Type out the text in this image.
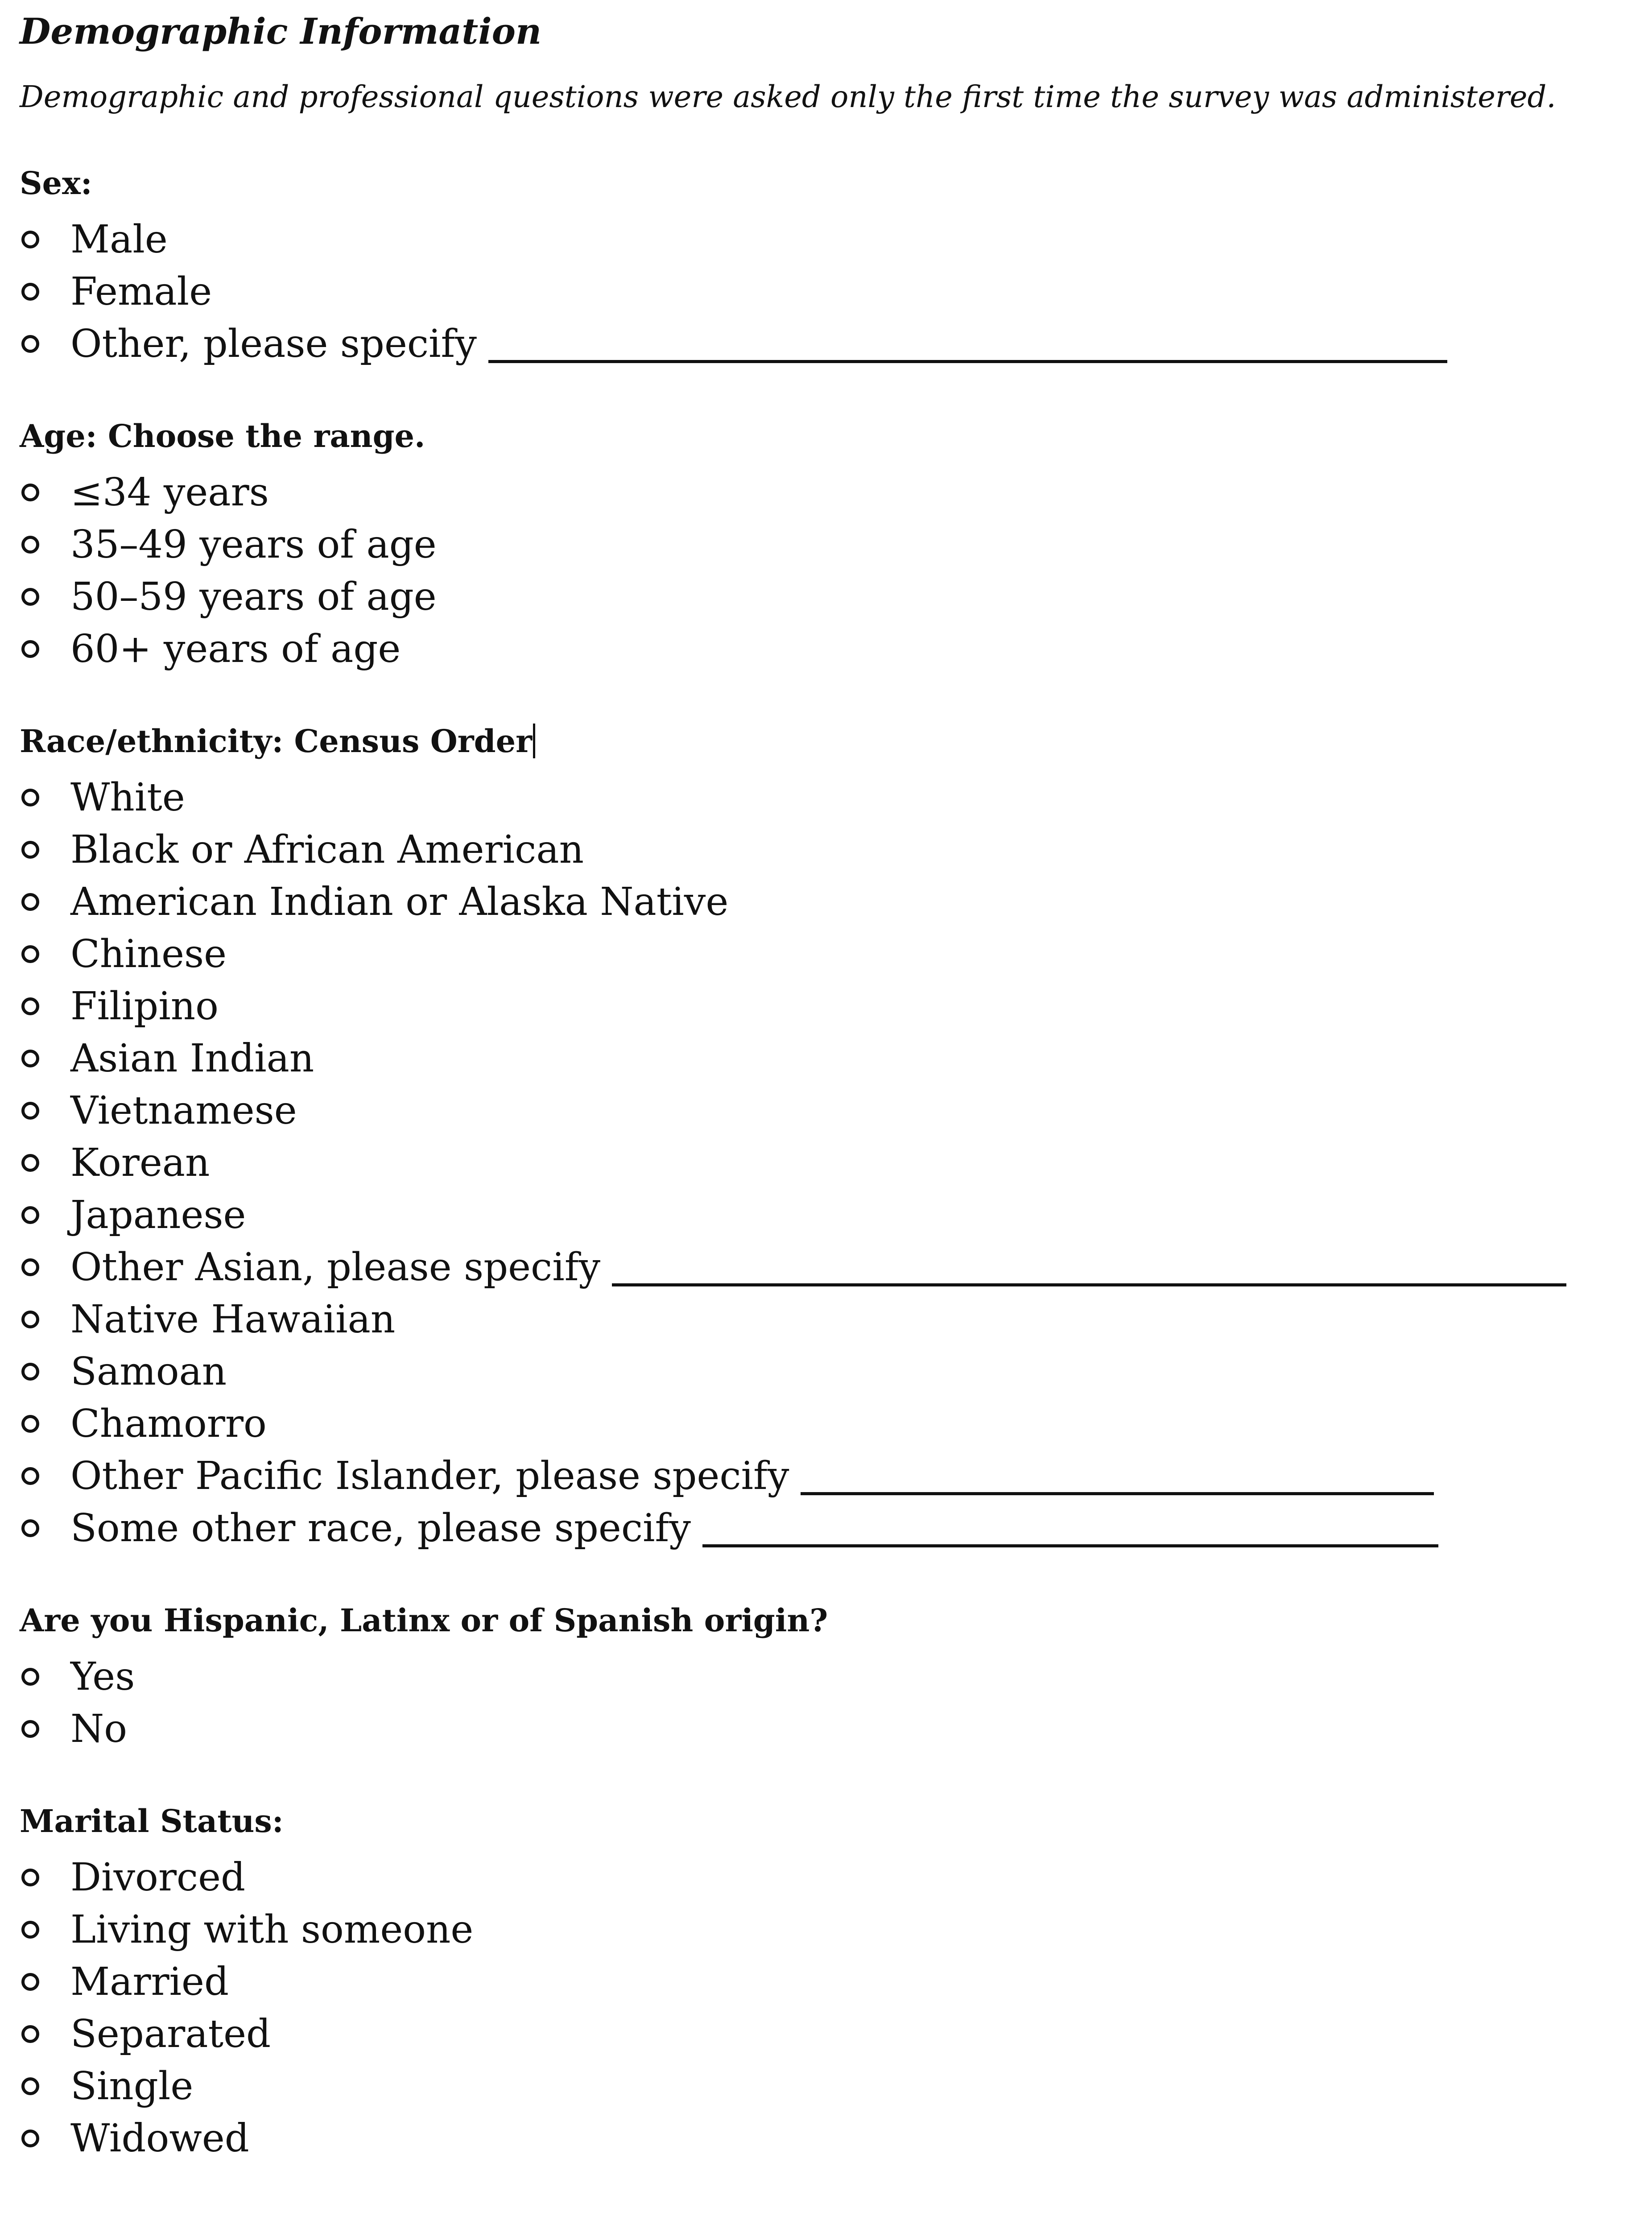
Demographic Information

Demographic and professional questions were asked only the first time the survey was administered.

Sex:
Male
Female
Other, please specify
Age: Choose the range.
≤34 years
35–49 years of age
50–59 years of age
60+ years of age
Race/ethnicity: Census Order
White
Black or African American
American Indian or Alaska Native
Chinese
Filipino
Asian Indian
Vietnamese
Korean
Japanese
Other Asian, please specify
Native Hawaiian
Samoan
Chamorro
Other Pacific Islander, please specify
Some other race, please specify
Are you Hispanic, Latinx or of Spanish origin?
Yes
No
Marital Status:
Divorced
Living with someone
Married
Separated
Single
Widowed
